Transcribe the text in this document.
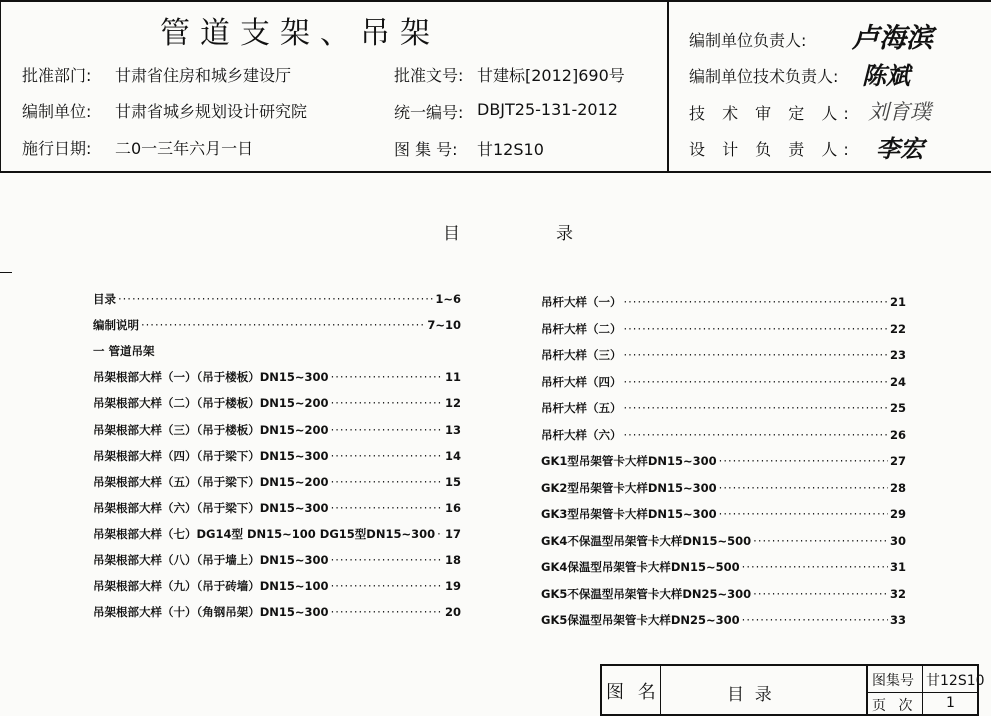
管道支架、吊架
批准部门: 甘肃省住房和城乡建设厅
编制单位: 甘肃省城乡规划设计研究院
施行日期: 二0一三年六月一日
批准文号: 甘建标[2012]690号
统一编号: DBJT25-131-2012
图 集 号: 甘12S10
编制单位负责人: 卢海滨
编制单位技术负责人: 陈斌
技 术 审 定 人: 刘育璞
设 计 负 责 人: 李宏
目	录
目录 ·····	1~6
编制说明 ·····	7~10
一 管道吊架
吊架根部大样（一）（吊于楼板）DN15~300 ·····	11
吊架根部大样（二）（吊于楼板）DN15~200 ·····	12
吊架根部大样（三）（吊于楼板）DN15~200 ·····	13
吊架根部大样（四）（吊于梁下）DN15~300 ·····	14
吊架根部大样（五）（吊于梁下）DN15~200 ·····	15
吊架根部大样（六）（吊于梁下）DN15~300 ·····	16
吊架根部大样（七）DG14型 DN15~100 DG15型DN15~300 ····· 17
吊架根部大样（八）（吊于墙上）DN15~300 ·····	18
吊架根部大样（九）（吊于砖墙）DN15~100 ·····	19
吊架根部大样（十）（角钢吊架）DN15~300 ·····	20
吊杆大样（一） ·····	21
吊杆大样（二） ·····	22
吊杆大样（三） ·····	23
吊杆大样（四） ·····	24
吊杆大样（五） ·····	25
吊杆大样（六） ·····	26
GK1型吊架管卡大样DN15~300 ·····	27
GK2型吊架管卡大样DN15~300 ·····	28
GK3型吊架管卡大样DN15~300 ·····	29
GK4不保温型吊架管卡大样DN15~500 ·····	30
GK4保温型吊架管卡大样DN15~500 ·····	31
GK5不保温型吊架管卡大样DN25~300 ·····	32
GK5保温型吊架管卡大样DN25~300 ·····	33
图 名	目  录
图集号 甘12S10
页 次 1
